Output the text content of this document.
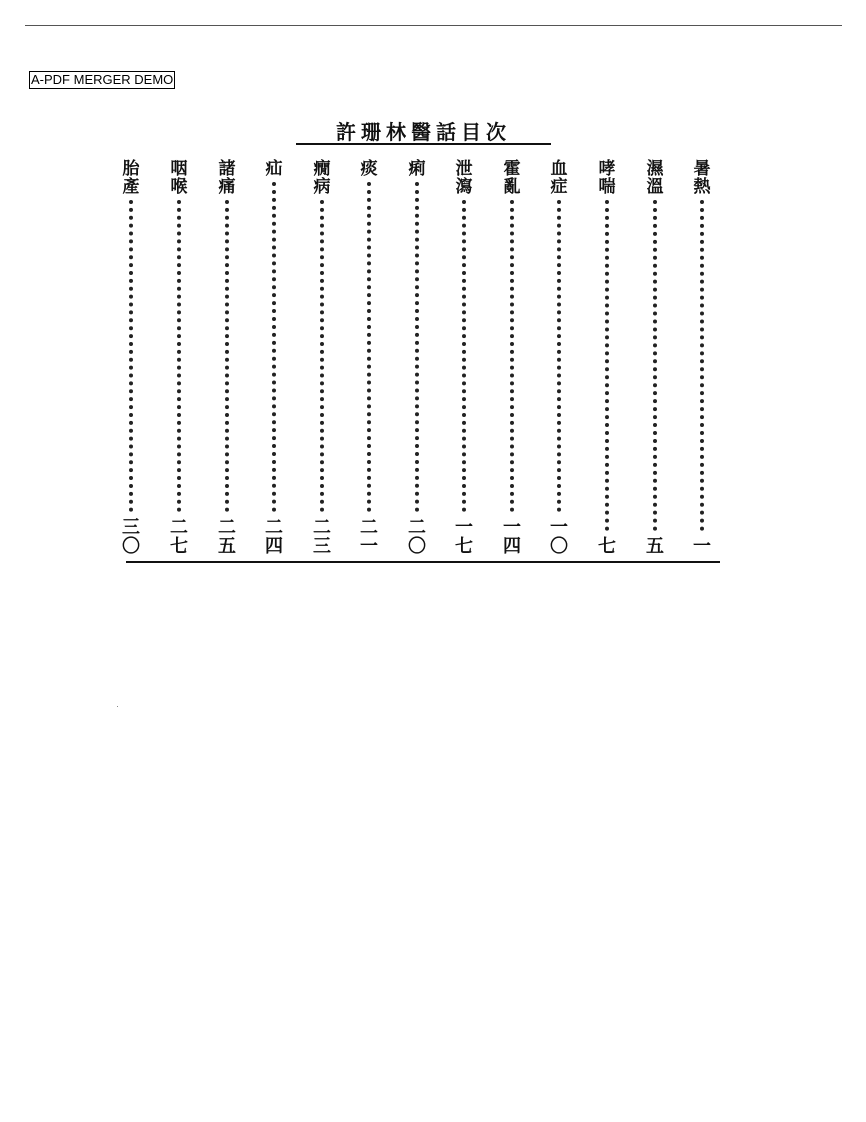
A-PDF MERGER DEMO
許珊林醫話目次
暑
熱
一
濕
溫
五
哮
喘
七
血
症
一
〇
霍
亂
一
四
泄
瀉
一
七
痢
二
〇
痰
二
一
癇
病
二
三
疝
二
四
諸
痛
二
五
咽
喉
二
七
胎
產
三
〇
